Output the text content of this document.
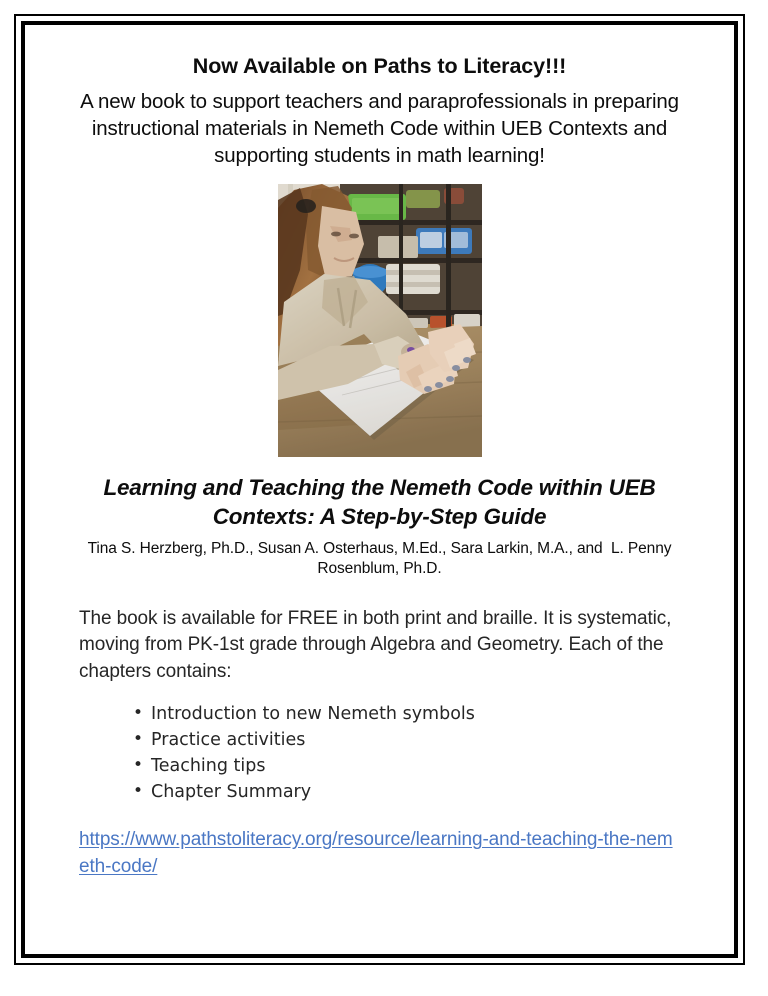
Now Available on Paths to Literacy!!!
A new book to support teachers and paraprofessionals in preparing instructional materials in Nemeth Code within UEB Contexts and supporting students in math learning!
Learning and Teaching the Nemeth Code within UEB Contexts: A Step-by-Step Guide
Tina S. Herzberg, Ph.D., Susan A. Osterhaus, M.Ed., Sara Larkin, M.A., and  L. Penny Rosenblum, Ph.D.
The book is available for FREE in both print and braille. It is systematic, moving from PK-1st grade through Algebra and Geometry. Each of the chapters contains:
• Introduction to new Nemeth symbols
• Practice activities
• Teaching tips
• Chapter Summary
https://www.pathstoliteracy.org/resource/learning-and-teaching-the-nemeth-code/
